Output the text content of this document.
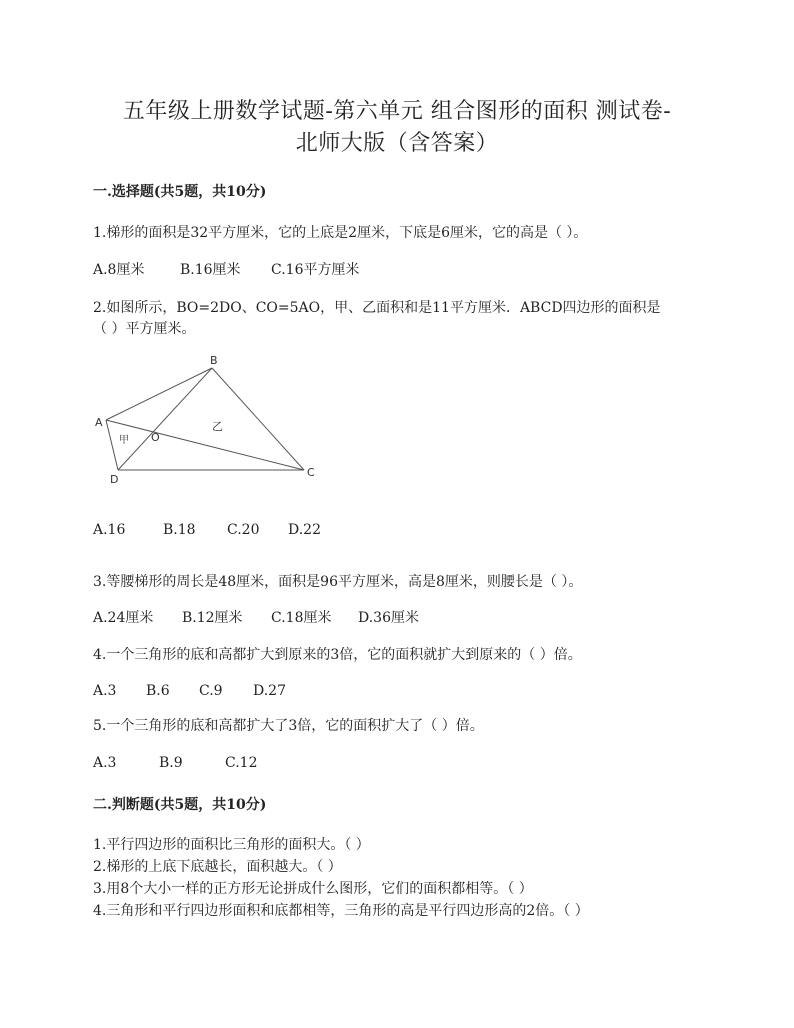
五年级上册数学试题-第六单元 组合图形的面积 测试卷-
北师大版（含答案）
一.选择题(共5题，共10分)
1.梯形的面积是32平方厘米，它的上底是2厘米，下底是6厘米，它的高是（ ）。
A.8厘米	B.16厘米 C.16平方厘米
2.如图所示，BO=2DO、CO=5AO，甲、乙面积和是11平方厘米．ABCD四边形的面积是
（ ）平方厘米。
A
B
C
D
O
甲
乙
A.16	B.18 C.20 D.22
3.等腰梯形的周长是48厘米，面积是96平方厘米，高是8厘米，则腰长是（ ）。
A.24厘米 B.12厘米 C.18厘米 D.36厘米
4.一个三角形的底和高都扩大到原来的3倍，它的面积就扩大到原来的（ ）倍。
A.3 B.6 C.9 D.27
5.一个三角形的底和高都扩大了3倍，它的面积扩大了（ ）倍。
A.3	B.9	C.12
二.判断题(共5题，共10分)
1.平行四边形的面积比三角形的面积大。（ ）
2.梯形的上底下底越长，面积越大。（ ）
3.用8个大小一样的正方形无论拼成什么图形，它们的面积都相等。（ ）
4.三角形和平行四边形面积和底都相等，三角形的高是平行四边形高的2倍。（ ）
